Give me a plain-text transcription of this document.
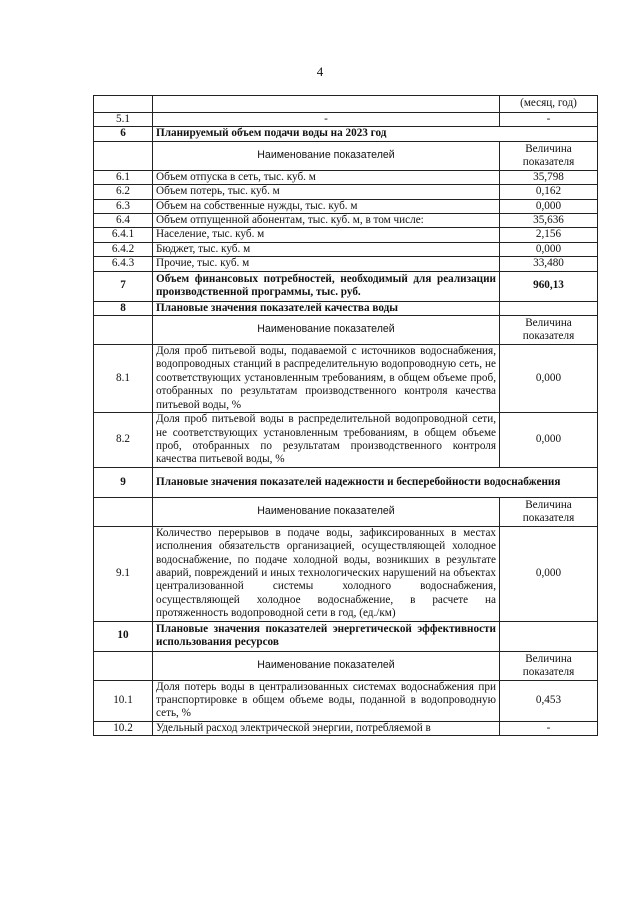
4
		(месяц, год)
5.1	-	-
6	Планируемый объем подачи воды на 2023 год	
	Наименование показателей	Величина показателя
6.1	Объем отпуска в сеть, тыс. куб. м	35,798
6.2	Объем потерь, тыс. куб. м	0,162
6.3	Объем на собственные нужды, тыс. куб. м	0,000
6.4	Объем отпущенной абонентам, тыс. куб. м, в том числе:	35,636
6.4.1	Население, тыс. куб. м	2,156
6.4.2	Бюджет, тыс. куб. м	0,000
6.4.3	Прочие, тыс. куб. м	33,480
7	Объем финансовых потребностей, необходимый для реализации производственной программы, тыс. руб.	960,13
8	Плановые значения показателей качества воды	
	Наименование показателей	Величина показателя
8.1	Доля проб питьевой воды, подаваемой с источников водоснабжения, водопроводных станций в распределительную водопроводную сеть, не соответствующих установленным требованиям, в общем объеме проб, отобранных по результатам производственного контроля качества питьевой воды, %	0,000
8.2	Доля проб питьевой воды в распределительной водопроводной сети, не соответствующих установленным требованиям, в общем объеме проб, отобранных по результатам производственного контроля качества питьевой воды, %	0,000
9	Плановые значения показателей надежности и бесперебойности водоснабжения	
	Наименование показателей	Величина показателя
9.1	Количество перерывов в подаче воды, зафиксированных в местах исполнения обязательств организацией, осуществляющей холодное водоснабжение, по подаче холодной воды, возникших в результате аварий, повреждений и иных технологических нарушений на объектах централизованной системы холодного водоснабжения, осуществляющей холодное водоснабжение, в расчете на протяженность водопроводной сети в год, (ед./км)	0,000
10	Плановые значения показателей энергетической эффективности использования ресурсов	
	Наименование показателей	Величина показателя
10.1	Доля потерь воды в централизованных системах водоснабжения при транспортировке в общем объеме воды, поданной в водопроводную сеть, %	0,453
10.2	Удельный расход электрической энергии, потребляемой в	-
